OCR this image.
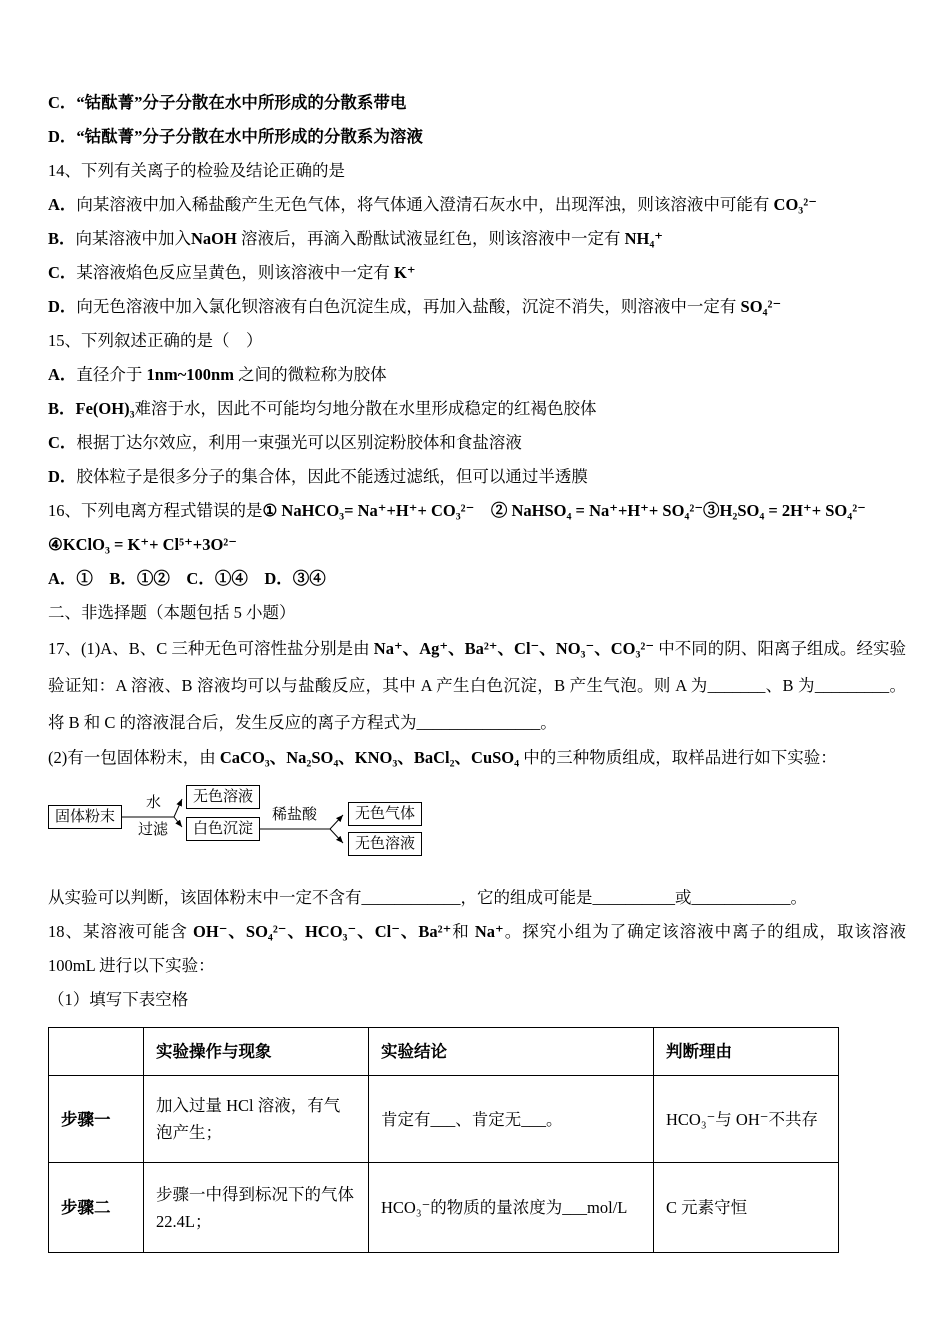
C．“钴酞菁”分子分散在水中所形成的分散系带电

D．“钴酞菁”分子分散在水中所形成的分散系为溶液

14、下列有关离子的检验及结论正确的是

A．向某溶液中加入稀盐酸产生无色气体，将气体通入澄清石灰水中，出现浑浊，则该溶液中可能有 CO₃²⁻

B．向某溶液中加入NaOH 溶液后，再滴入酚酞试液显红色，则该溶液中一定有 NH₄⁺

C．某溶液焰色反应呈黄色，则该溶液中一定有 K⁺

D．向无色溶液中加入氯化钡溶液有白色沉淀生成，再加入盐酸，沉淀不消失，则溶液中一定有 SO₄²⁻

15、下列叙述正确的是（　）

A．直径介于 1nm~100nm 之间的微粒称为胶体

B．Fe(OH)₃难溶于水，因此不可能均匀地分散在水里形成稳定的红褐色胶体

C．根据丁达尔效应，利用一束强光可以区别淀粉胶体和食盐溶液

D．胶体粒子是很多分子的集合体，因此不能透过滤纸，但可以通过半透膜

16、下列电离方程式错误的是① NaHCO₃= Na⁺+H⁺+ CO₃²⁻　② NaHSO₄ = Na⁺+H⁺+ SO₄²⁻③H₂SO₄ = 2H⁺+ SO₄²⁻

④KClO₃ = K⁺+ Cl⁵⁺+3O²⁻

A．①　B．①②　C．①④　D．③④

二、非选择题（本题包括 5 小题）

17、(1)A、B、C 三种无色可溶性盐分别是由 Na⁺、Ag⁺、Ba²⁺、Cl⁻、NO₃⁻、CO₃²⁻ 中不同的阴、阳离子组成。经实验验证知：A 溶液、B 溶液均可以与盐酸反应，其中 A 产生白色沉淀，B 产生气泡。则 A 为_______、B 为_________。将 B 和 C 的溶液混合后，发生反应的离子方程式为_______________。

(2)有一包固体粉末，由 CaCO₃、Na₂SO₄、KNO₃、BaCl₂、CuSO₄ 中的三种物质组成，取样品进行如下实验：

固体粉末
水
过滤
无色溶液
白色沉淀
稀盐酸	无色气体
无色溶液

从实验可以判断，该固体粉末中一定不含有____________，它的组成可能是__________或____________。

18、某溶液可能含 OH⁻、SO₄²⁻、HCO₃⁻、Cl⁻、Ba²⁺和 Na⁺。探究小组为了确定该溶液中离子的组成，取该溶液 100mL 进行以下实验：

（1）填写下表空格

	实验操作与现象	实验结论	判断理由
步骤一	加入过量 HCl 溶液，有气泡产生；	肯定有___、肯定无___。	HCO₃⁻与 OH⁻不共存
步骤二	步骤一中得到标况下的气体 22.4L；	HCO₃⁻的物质的量浓度为___mol/L	C 元素守恒
